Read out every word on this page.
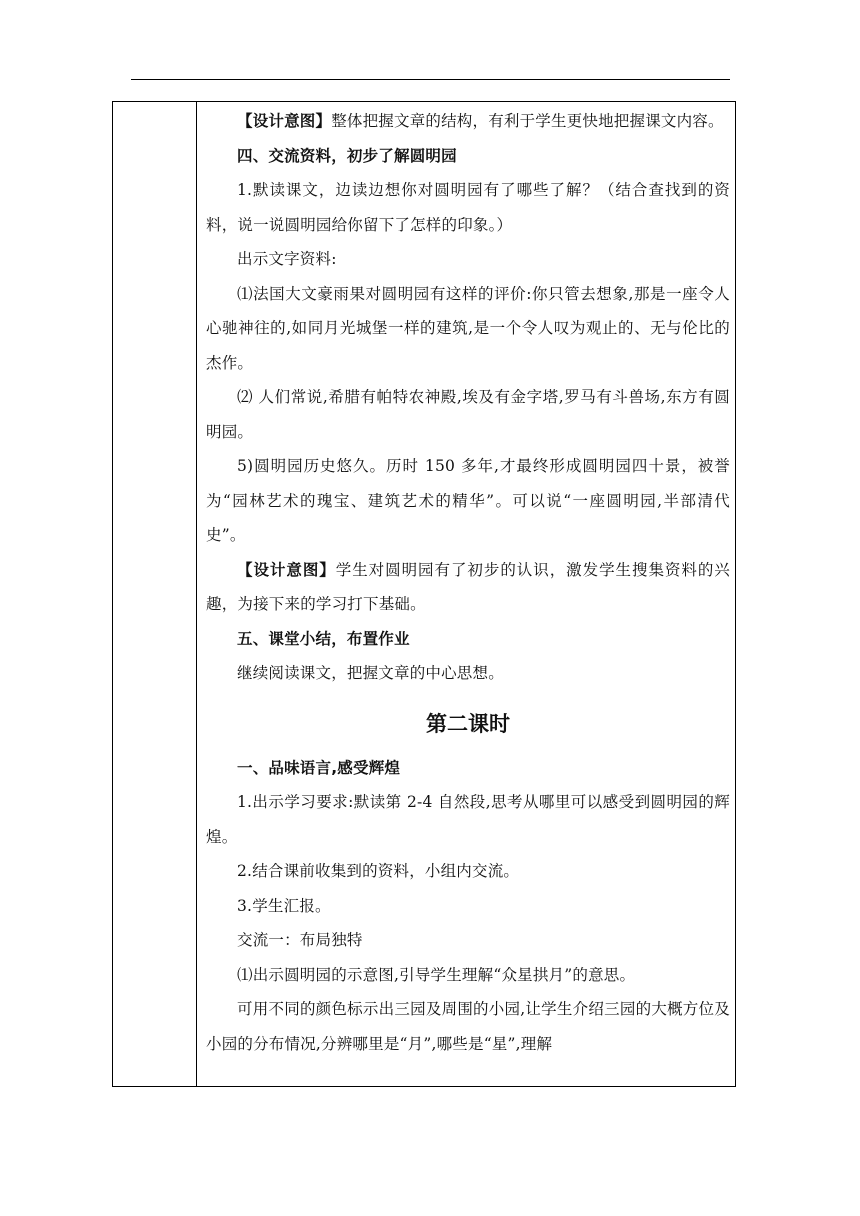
【设计意图】整体把握文章的结构，有利于学生更快地把握课文内容。

四、交流资料，初步了解圆明园

1.默读课文，边读边想你对圆明园有了哪些了解？（结合查找到的资料，说一说圆明园给你留下了怎样的印象。）

出示文字资料:

⑴法国大文豪雨果对圆明园有这样的评价:你只管去想象,那是一座令人心驰神往的,如同月光城堡一样的建筑,是一个令人叹为观止的、无与伦比的杰作。

⑵ 人们常说,希腊有帕特农神殿,埃及有金字塔,罗马有斗兽场,东方有圆明园。

5)圆明园历史悠久。历时 150 多年,才最终形成圆明园四十景，被誉为“园林艺术的瑰宝、建筑艺术的精华”。可以说“一座圆明园,半部清代史”。

【设计意图】学生对圆明园有了初步的认识，激发学生搜集资料的兴趣，为接下来的学习打下基础。

五、课堂小结，布置作业

继续阅读课文，把握文章的中心思想。

第二课时

一、品味语言,感受辉煌

1.出示学习要求:默读第 2-4 自然段,思考从哪里可以感受到圆明园的辉煌。

2.结合课前收集到的资料，小组内交流。

3.学生汇报。

交流一：布局独特

⑴出示圆明园的示意图,引导学生理解“众星拱月”的意思。

可用不同的颜色标示出三园及周围的小园,让学生介绍三园的大概方位及小园的分布情况,分辨哪里是“月”,哪些是“星”,理解
